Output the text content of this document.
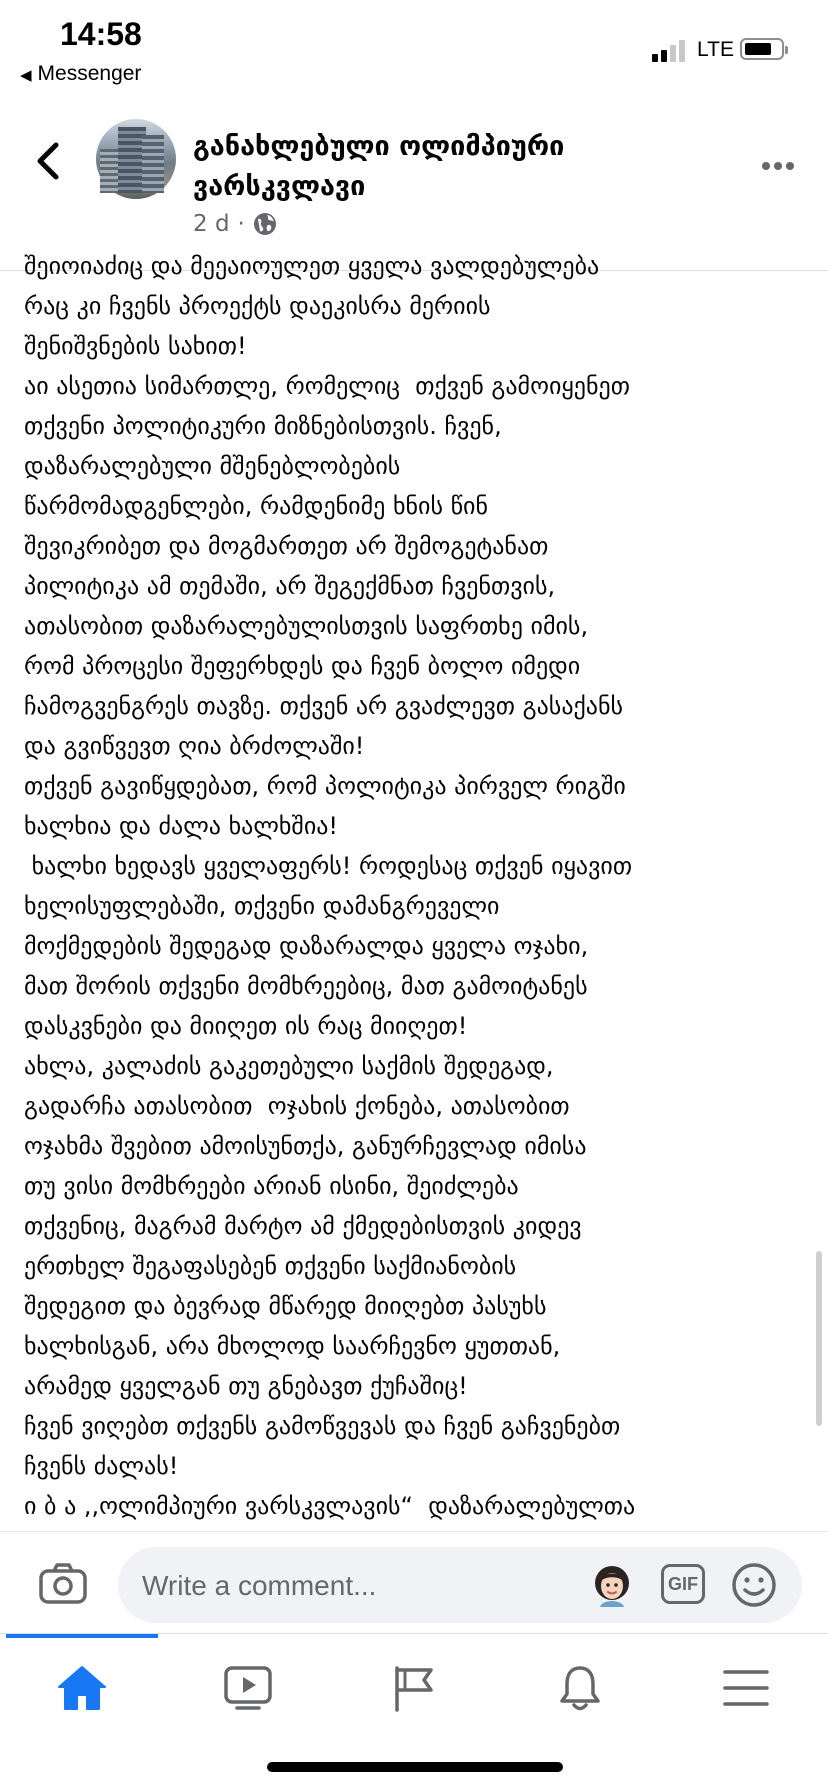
14:58
◀ Messenger
LTE
განახლებული ოლიმპიური ვარსკვლავი
2 d ·
შეიოიაძიც და მეეაიოულეთ ყველა ვალდებულება
რაც კი ჩვენს პროექტს დაეკისრა მერიის
შენიშვნების სახით!
აი ასეთია სიმართლე, რომელიც  თქვენ გამოიყენეთ
თქვენი პოლიტიკური მიზნებისთვის. ჩვენ,
დაზარალებული მშენებლობების
წარმომადგენლები, რამდენიმე ხნის წინ
შევიკრიბეთ და მოგმართეთ არ შემოგეტანათ
პილიტიკა ამ თემაში, არ შეგექმნათ ჩვენთვის,
ათასობით დაზარალებულისთვის საფრთხე იმის,
რომ პროცესი შეფერხდეს და ჩვენ ბოლო იმედი
ჩამოგვენგრეს თავზე. თქვენ არ გვაძლევთ გასაქანს
და გვიწვევთ ღია ბრძოლაში!
თქვენ გავიწყდებათ, რომ პოლიტიკა პირველ რიგში
ხალხია და ძალა ხალხშია!
ხალხი ხედავს ყველაფერს! როდესაც თქვენ იყავით
ხელისუფლებაში, თქვენი დამანგრეველი
მოქმედების შედეგად დაზარალდა ყველა ოჯახი,
მათ შორის თქვენი მომხრეებიც, მათ გამოიტანეს
დასკვნები და მიიღეთ ის რაც მიიღეთ!
ახლა, კალაძის გაკეთებული საქმის შედეგად,
გადარჩა ათასობით  ოჯახის ქონება, ათასობით
ოჯახმა შვებით ამოისუნთქა, განურჩევლად იმისა
თუ ვისი მომხრეები არიან ისინი, შეიძლება
თქვენიც, მაგრამ მარტო ამ ქმედებისთვის კიდევ
ერთხელ შეგაფასებენ თქვენი საქმიანობის
შედეგით და ბევრად მწარედ მიიღებთ პასუხს
ხალხისგან, არა მხოლოდ საარჩევნო ყუთთან,
არამედ ყველგან თუ გნებავთ ქუჩაშიც!
ჩვენ ვიღებთ თქვენს გამოწვევას და ჩვენ გაჩვენებთ
ჩვენს ძალას!
ი ბ ა ,,ოლიმპიური ვარსკვლავის“  დაზარალებულთა
Write a comment...
GIF
